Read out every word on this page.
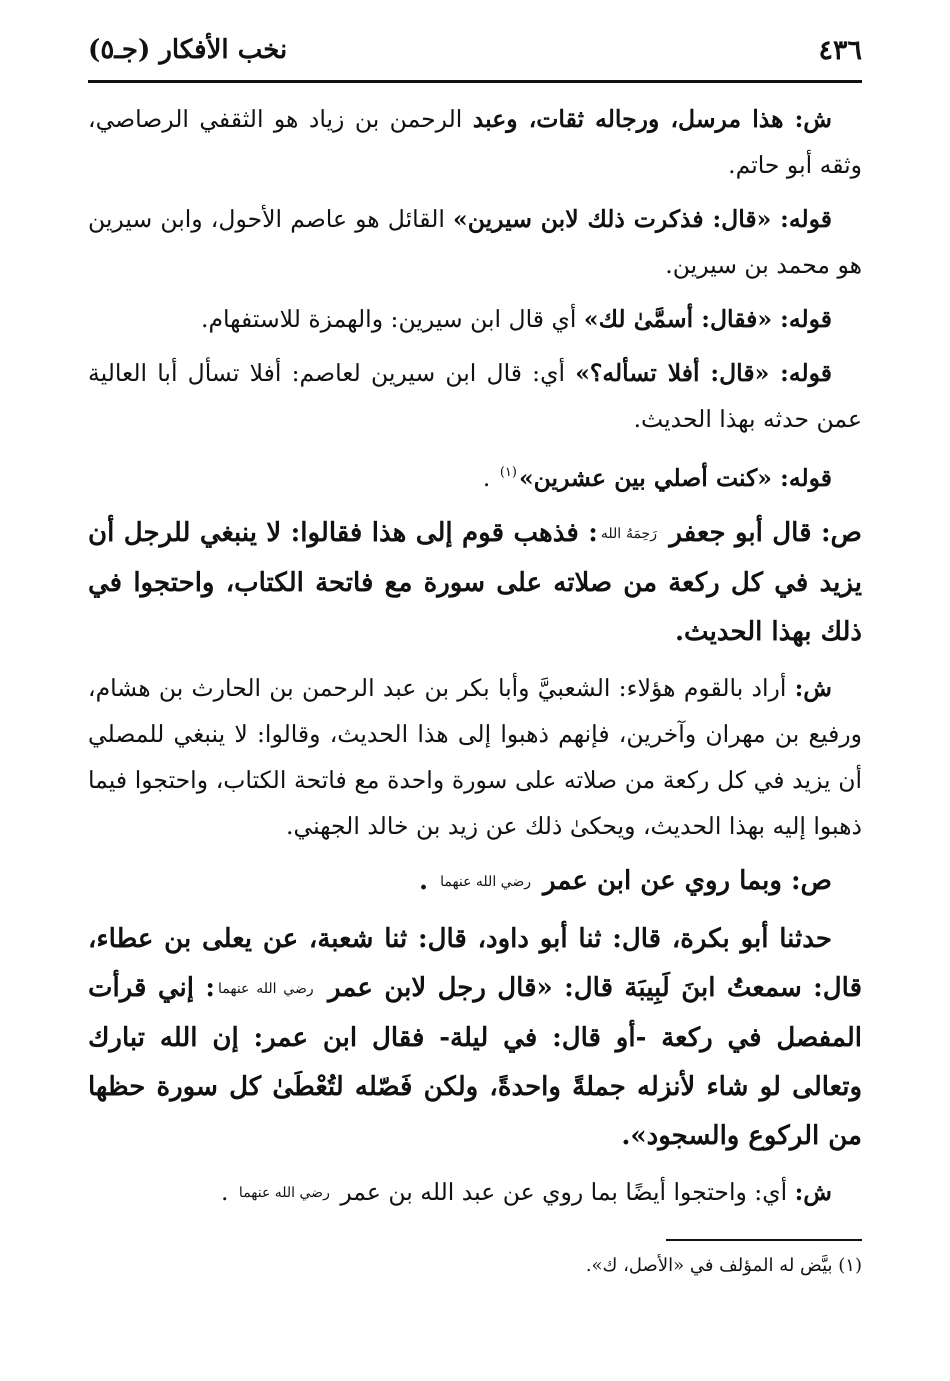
٤٣٦
نخب الأفكار (جـ٥)

ش: هذا مرسل، ورجاله ثقات، وعبد الرحمن بن زياد هو الثقفي الرصاصي، وثقه أبو حاتم.

قوله: «قال: فذكرت ذلك لابن سيرين» القائل هو عاصم الأحول، وابن سيرين هو محمد بن سيرين.

قوله: «فقال: أسمَّىٰ لك» أي قال ابن سيرين: والهمزة للاستفهام.

قوله: «قال: أفلا تسأله؟» أي: قال ابن سيرين لعاصم: أفلا تسأل أبا العالية عمن حدثه بهذا الحديث.

قوله: «كنت أصلي بين عشرين»$^{(١)}$ .

ص: قال أبو جعفر رَحِمَهُ الله: فذهب قوم إلى هذا فقالوا: لا ينبغي للرجل أن يزيد في كل ركعة من صلاته على سورة مع فاتحة الكتاب، واحتجوا في ذلك بهذا الحديث.

ش: أراد بالقوم هؤلاء: الشعبيَّ وأبا بكر بن عبد الرحمن بن الحارث بن هشام، ورفيع بن مهران وآخرين، فإنهم ذهبوا إلى هذا الحديث، وقالوا: لا ينبغي للمصلي أن يزيد في كل ركعة من صلاته على سورة واحدة مع فاتحة الكتاب، واحتجوا فيما ذهبوا إليه بهذا الحديث، ويحكىٰ ذلك عن زيد بن خالد الجهني.

ص: وبما روي عن ابن عمر رضي الله عنهما .

حدثنا أبو بكرة، قال: ثنا أبو داود، قال: ثنا شعبة، عن يعلى بن عطاء، قال: سمعتُ ابنَ لَبِيبَة قال: «قال رجل لابن عمر رضي الله عنهما: إني قرأت المفصل في ركعة -أو قال: في ليلة- فقال ابن عمر: إن الله تبارك وتعالى لو شاء لأنزله جملةً واحدةً، ولكن فَصّله لتُعْطَىٰ كل سورة حظها من الركوع والسجود».

ش: أي: واحتجوا أيضًا بما روي عن عبد الله بن عمر رضي الله عنهما .

(١) بيَّض له المؤلف في «الأصل، ك».
